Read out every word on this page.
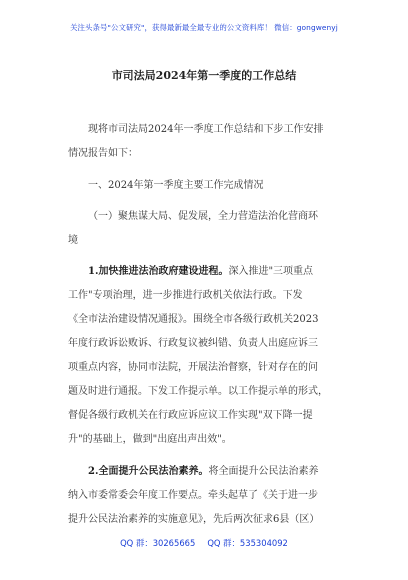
关注头条号"公文研究"，获得最新最全最专业的公文资料库！ 微信：gongwenyj
市司法局2024年第一季度的工作总结
现将市司法局2024年一季度工作总结和下步工作安排
情况报告如下：
一、2024年第一季度主要工作完成情况
（一）聚焦谋大局、促发展，全力营造法治化营商环
境
1.加快推进法治政府建设进程。深入推进"三项重点
工作"专项治理，进一步推进行政机关依法行政。下发
《全市法治建设情况通报》。围绕全市各级行政机关2023
年度行政诉讼败诉、行政复议被纠错、负责人出庭应诉三
项重点内容，协同市法院，开展法治督察，针对存在的问
题及时进行通报。下发工作提示单。以工作提示单的形式，
督促各级行政机关在行政应诉应议工作实现"双下降一提
升"的基础上，做到"出庭出声出效"。
2.全面提升公民法治素养。将全面提升公民法治素养
纳入市委常委会年度工作要点。牵头起草了《关于进一步
提升公民法治素养的实施意见》，先后两次征求6县（区）
QQ 群：30265665 QQ 群：535304092
